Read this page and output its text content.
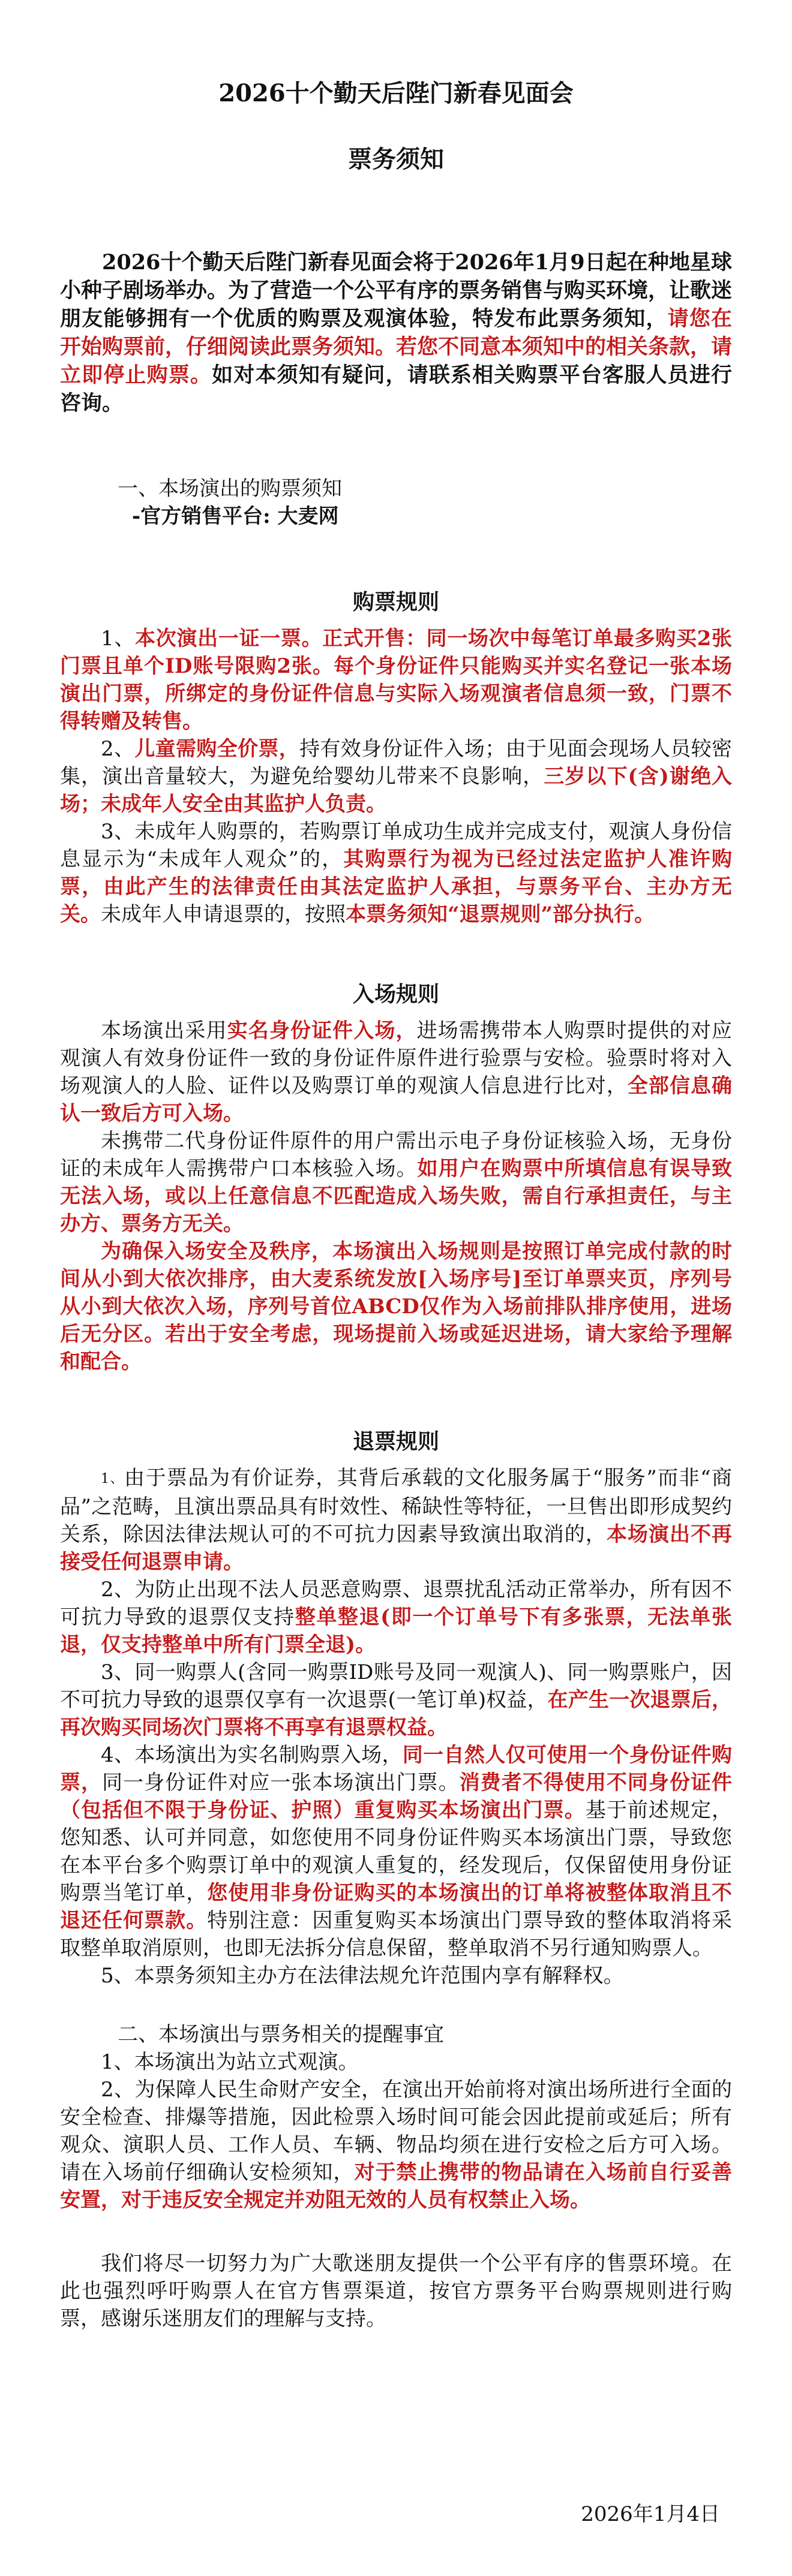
2026十个勤天后陛门新春见面会
票务须知

2026十个勤天后陛门新春见面会将于2026年1月9日起在种地星球小种子剧场举办。为了营造一个公平有序的票务销售与购买环境，让歌迷朋友能够拥有一个优质的购票及观演体验，特发布此票务须知，请您在开始购票前，仔细阅读此票务须知。若您不同意本须知中的相关条款，请立即停止购票。如对本须知有疑问，请联系相关购票平台客服人员进行咨询。

一、本场演出的购票须知
-官方销售平台: 大麦网
购票规则

1、本次演出一证一票。正式开售：同一场次中每笔订单最多购买2张门票且单个ID账号限购2张。每个身份证件只能购买并实名登记一张本场演出门票，所绑定的身份证件信息与实际入场观演者信息须一致，门票不得转赠及转售。

2、儿童需购全价票，持有效身份证件入场；由于见面会现场人员较密集，演出音量较大，为避免给婴幼儿带来不良影响，三岁以下(含)谢绝入场；未成年人安全由其监护人负责。

3、未成年人购票的，若购票订单成功生成并完成支付，观演人身份信息显示为“未成年人观众”的，其购票行为视为已经过法定监护人准许购票，由此产生的法律责任由其法定监护人承担，与票务平台、主办方无关。未成年人申请退票的，按照本票务须知“退票规则”部分执行。

入场规则

本场演出采用实名身份证件入场，进场需携带本人购票时提供的对应观演人有效身份证件一致的身份证件原件进行验票与安检。验票时将对入场观演人的人脸、证件以及购票订单的观演人信息进行比对，全部信息确认一致后方可入场。

未携带二代身份证件原件的用户需出示电子身份证核验入场，无身份证的未成年人需携带户口本核验入场。如用户在购票中所填信息有误导致无法入场，或以上任意信息不匹配造成入场失败，需自行承担责任，与主办方、票务方无关。

为确保入场安全及秩序，本场演出入场规则是按照订单完成付款的时间从小到大依次排序，由大麦系统发放[入场序号]至订单票夹页，序列号从小到大依次入场，序列号首位ABCD仅作为入场前排队排序使用，进场后无分区。若出于安全考虑，现场提前入场或延迟进场，请大家给予理解和配合。

退票规则

1、由于票品为有价证券，其背后承载的文化服务属于“服务”而非“商品”之范畴，且演出票品具有时效性、稀缺性等特征，一旦售出即形成契约关系，除因法律法规认可的不可抗力因素导致演出取消的，本场演出不再接受任何退票申请。

2、为防止出现不法人员恶意购票、退票扰乱活动正常举办，所有因不可抗力导致的退票仅支持整单整退(即一个订单号下有多张票，无法单张退，仅支持整单中所有门票全退)。

3、同一购票人(含同一购票ID账号及同一观演人)、同一购票账户，因不可抗力导致的退票仅享有一次退票(一笔订单)权益，在产生一次退票后，再次购买同场次门票将不再享有退票权益。

4、本场演出为实名制购票入场，同一自然人仅可使用一个身份证件购票，同一身份证件对应一张本场演出门票。消费者不得使用不同身份证件（包括但不限于身份证、护照）重复购买本场演出门票。基于前述规定，您知悉、认可并同意，如您使用不同身份证件购买本场演出门票，导致您在本平台多个购票订单中的观演人重复的，经发现后，仅保留使用身份证购票当笔订单，您使用非身份证购买的本场演出的订单将被整体取消且不退还任何票款。特别注意：因重复购买本场演出门票导致的整体取消将采取整单取消原则，也即无法拆分信息保留，整单取消不另行通知购票人。

5、本票务须知主办方在法律法规允许范围内享有解释权。

二、本场演出与票务相关的提醒事宜

1、本场演出为站立式观演。

2、为保障人民生命财产安全，在演出开始前将对演出场所进行全面的安全检查、排爆等措施，因此检票入场时间可能会因此提前或延后；所有观众、演职人员、工作人员、车辆、物品均须在进行安检之后方可入场。请在入场前仔细确认安检须知，对于禁止携带的物品请在入场前自行妥善安置，对于违反安全规定并劝阻无效的人员有权禁止入场。

我们将尽一切努力为广大歌迷朋友提供一个公平有序的售票环境。在此也强烈呼吁购票人在官方售票渠道，按官方票务平台购票规则进行购票，感谢乐迷朋友们的理解与支持。

2026年1月4日
